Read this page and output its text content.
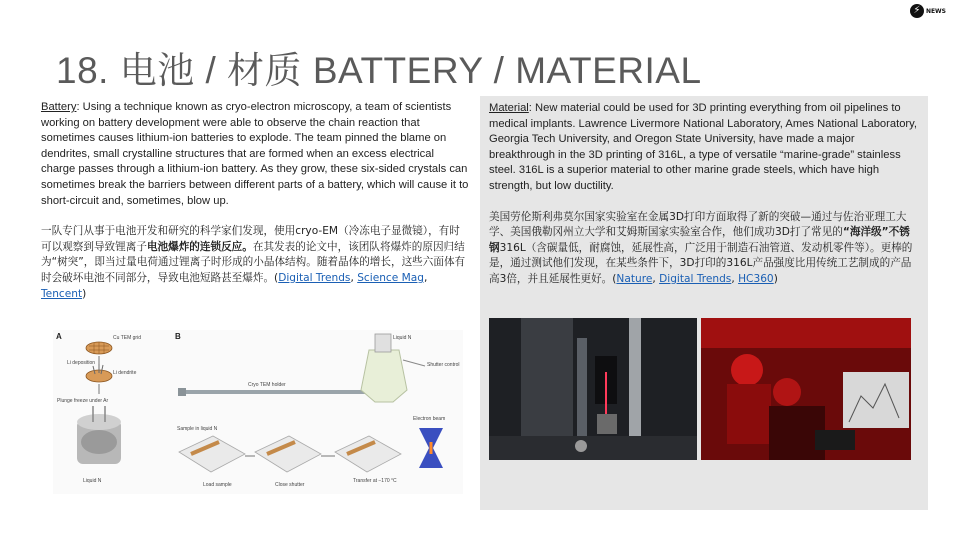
⚡ NEWS
18. 电池 / 材质 BATTERY / MATERIAL

Battery: Using a technique known as cryo-electron microscopy, a team of scientists working on battery development were able to observe the chain reaction that sometimes causes lithium-ion batteries to explode. The team pinned the blame on dendrites, small crystalline structures that are formed when an excess electrical charge passes through a lithium-ion battery. As they grow, these six-sided crystals can sometimes break the barriers between different parts of a battery, which will cause it to short-circuit and, sometimes, blow up.

一队专门从事于电池开发和研究的科学家们发现，使用cryo-EM（冷冻电子显微镜），有时可以观察到导致锂离子电池爆炸的连锁反应。在其发表的论文中，该团队将爆炸的原因归结为“树突”，即当过量电荷通过锂离子时形成的小晶体结构。随着晶体的增长，这些六面体有时会破坏电池不同部分，导致电池短路甚至爆炸。(Digital Trends, Science Mag, Tencent)

A	B
Cu TEM grid
Li deposition
Li dendrite
Plunge freeze under Ar
Liquid N
Cryo TEM holder
Liquid N
Shutter control
Sample in liquid N
Electron beam
Load sample	Close shutter
Transfer at −170 °C

Material: New material could be used for 3D printing everything from oil pipelines to medical implants. Lawrence Livermore National Laboratory, Ames National Laboratory, Georgia Tech University, and Oregon State University, have made a major breakthrough in the 3D printing of 316L, a type of versatile “marine-grade” stainless steel. 316L is a superior material to other marine grade steels, which have high strength, but low ductility.

美国劳伦斯利弗莫尔国家实验室在金属3D打印方面取得了新的突破—通过与佐治亚理工大学、美国俄勒冈州立大学和艾姆斯国家实验室合作，他们成功3D打了常见的“海洋级”不锈钢316L（含碳量低，耐腐蚀，延展性高，广泛用于制造石油管道、发动机零件等）。更棒的是，通过测试他们发现，在某些条件下，3D打印的316L产品强度比用传统工艺制成的产品高3倍，并且延展性更好。(Nature, Digital Trends, HC360)
